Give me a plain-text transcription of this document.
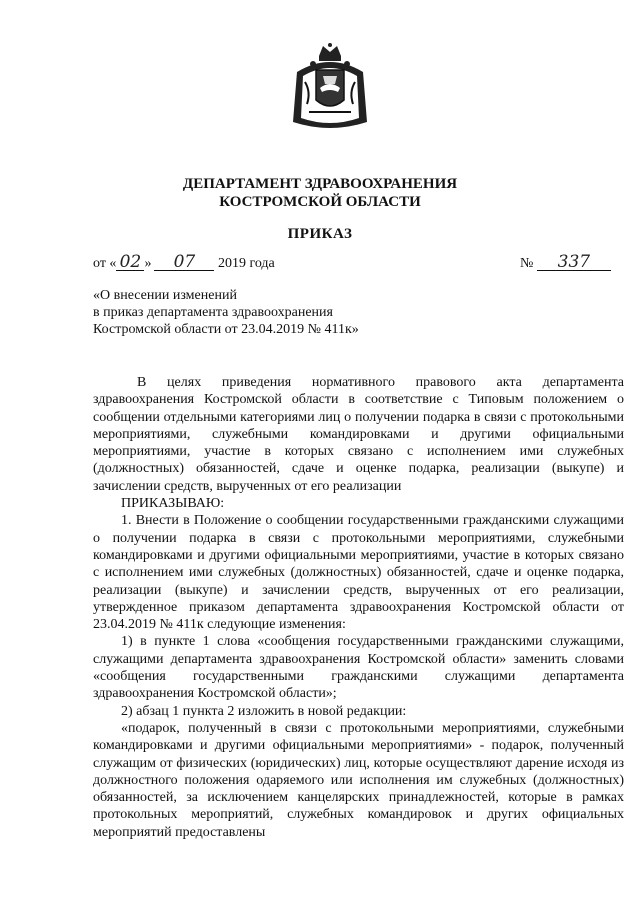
ДЕПАРТАМЕНТ ЗДРАВООХРАНЕНИЯ
КОСТРОМСКОЙ ОБЛАСТИ
ПРИКАЗ
от « 02 » 07 2019 года	№ 337
«О внесении изменений
в приказ департамента здравоохранения
Костромской области от 23.04.2019 № 411к»

В целях приведения нормативного правового акта департамента здравоохранения Костромской области в соответствие с Типовым положением о сообщении отдельными категориями лиц о получении подарка в связи с протокольными мероприятиями, служебными командировками и другими официальными мероприятиями, участие в которых связано с исполнением ими служебных (должностных) обязанностей, сдаче и оценке подарка, реализации (выкупе) и зачислении средств, вырученных от его реализации

ПРИКАЗЫВАЮ:

1. Внести в Положение о сообщении государственными гражданскими служащими о получении подарка в связи с протокольными мероприятиями, служебными командировками и другими официальными мероприятиями, участие в которых связано с исполнением ими служебных (должностных) обязанностей, сдаче и оценке подарка, реализации (выкупе) и зачислении средств, вырученных от его реализации, утвержденное приказом департамента здравоохранения Костромской области от 23.04.2019 № 411к следующие изменения:

1) в пункте 1 слова «сообщения государственными гражданскими служащими, служащими департамента здравоохранения Костромской области» заменить словами «сообщения государственными гражданскими служащими департамента здравоохранения Костромской области»;

2) абзац 1 пункта 2 изложить в новой редакции:

«подарок, полученный в связи с протокольными мероприятиями, служебными командировками и другими официальными мероприятиями» - подарок, полученный служащим от физических (юридических) лиц, которые осуществляют дарение исходя из должностного положения одаряемого или исполнения им служебных (должностных) обязанностей, за исключением канцелярских принадлежностей, которые в рамках протокольных мероприятий, служебных командировок и других официальных мероприятий предоставлены
